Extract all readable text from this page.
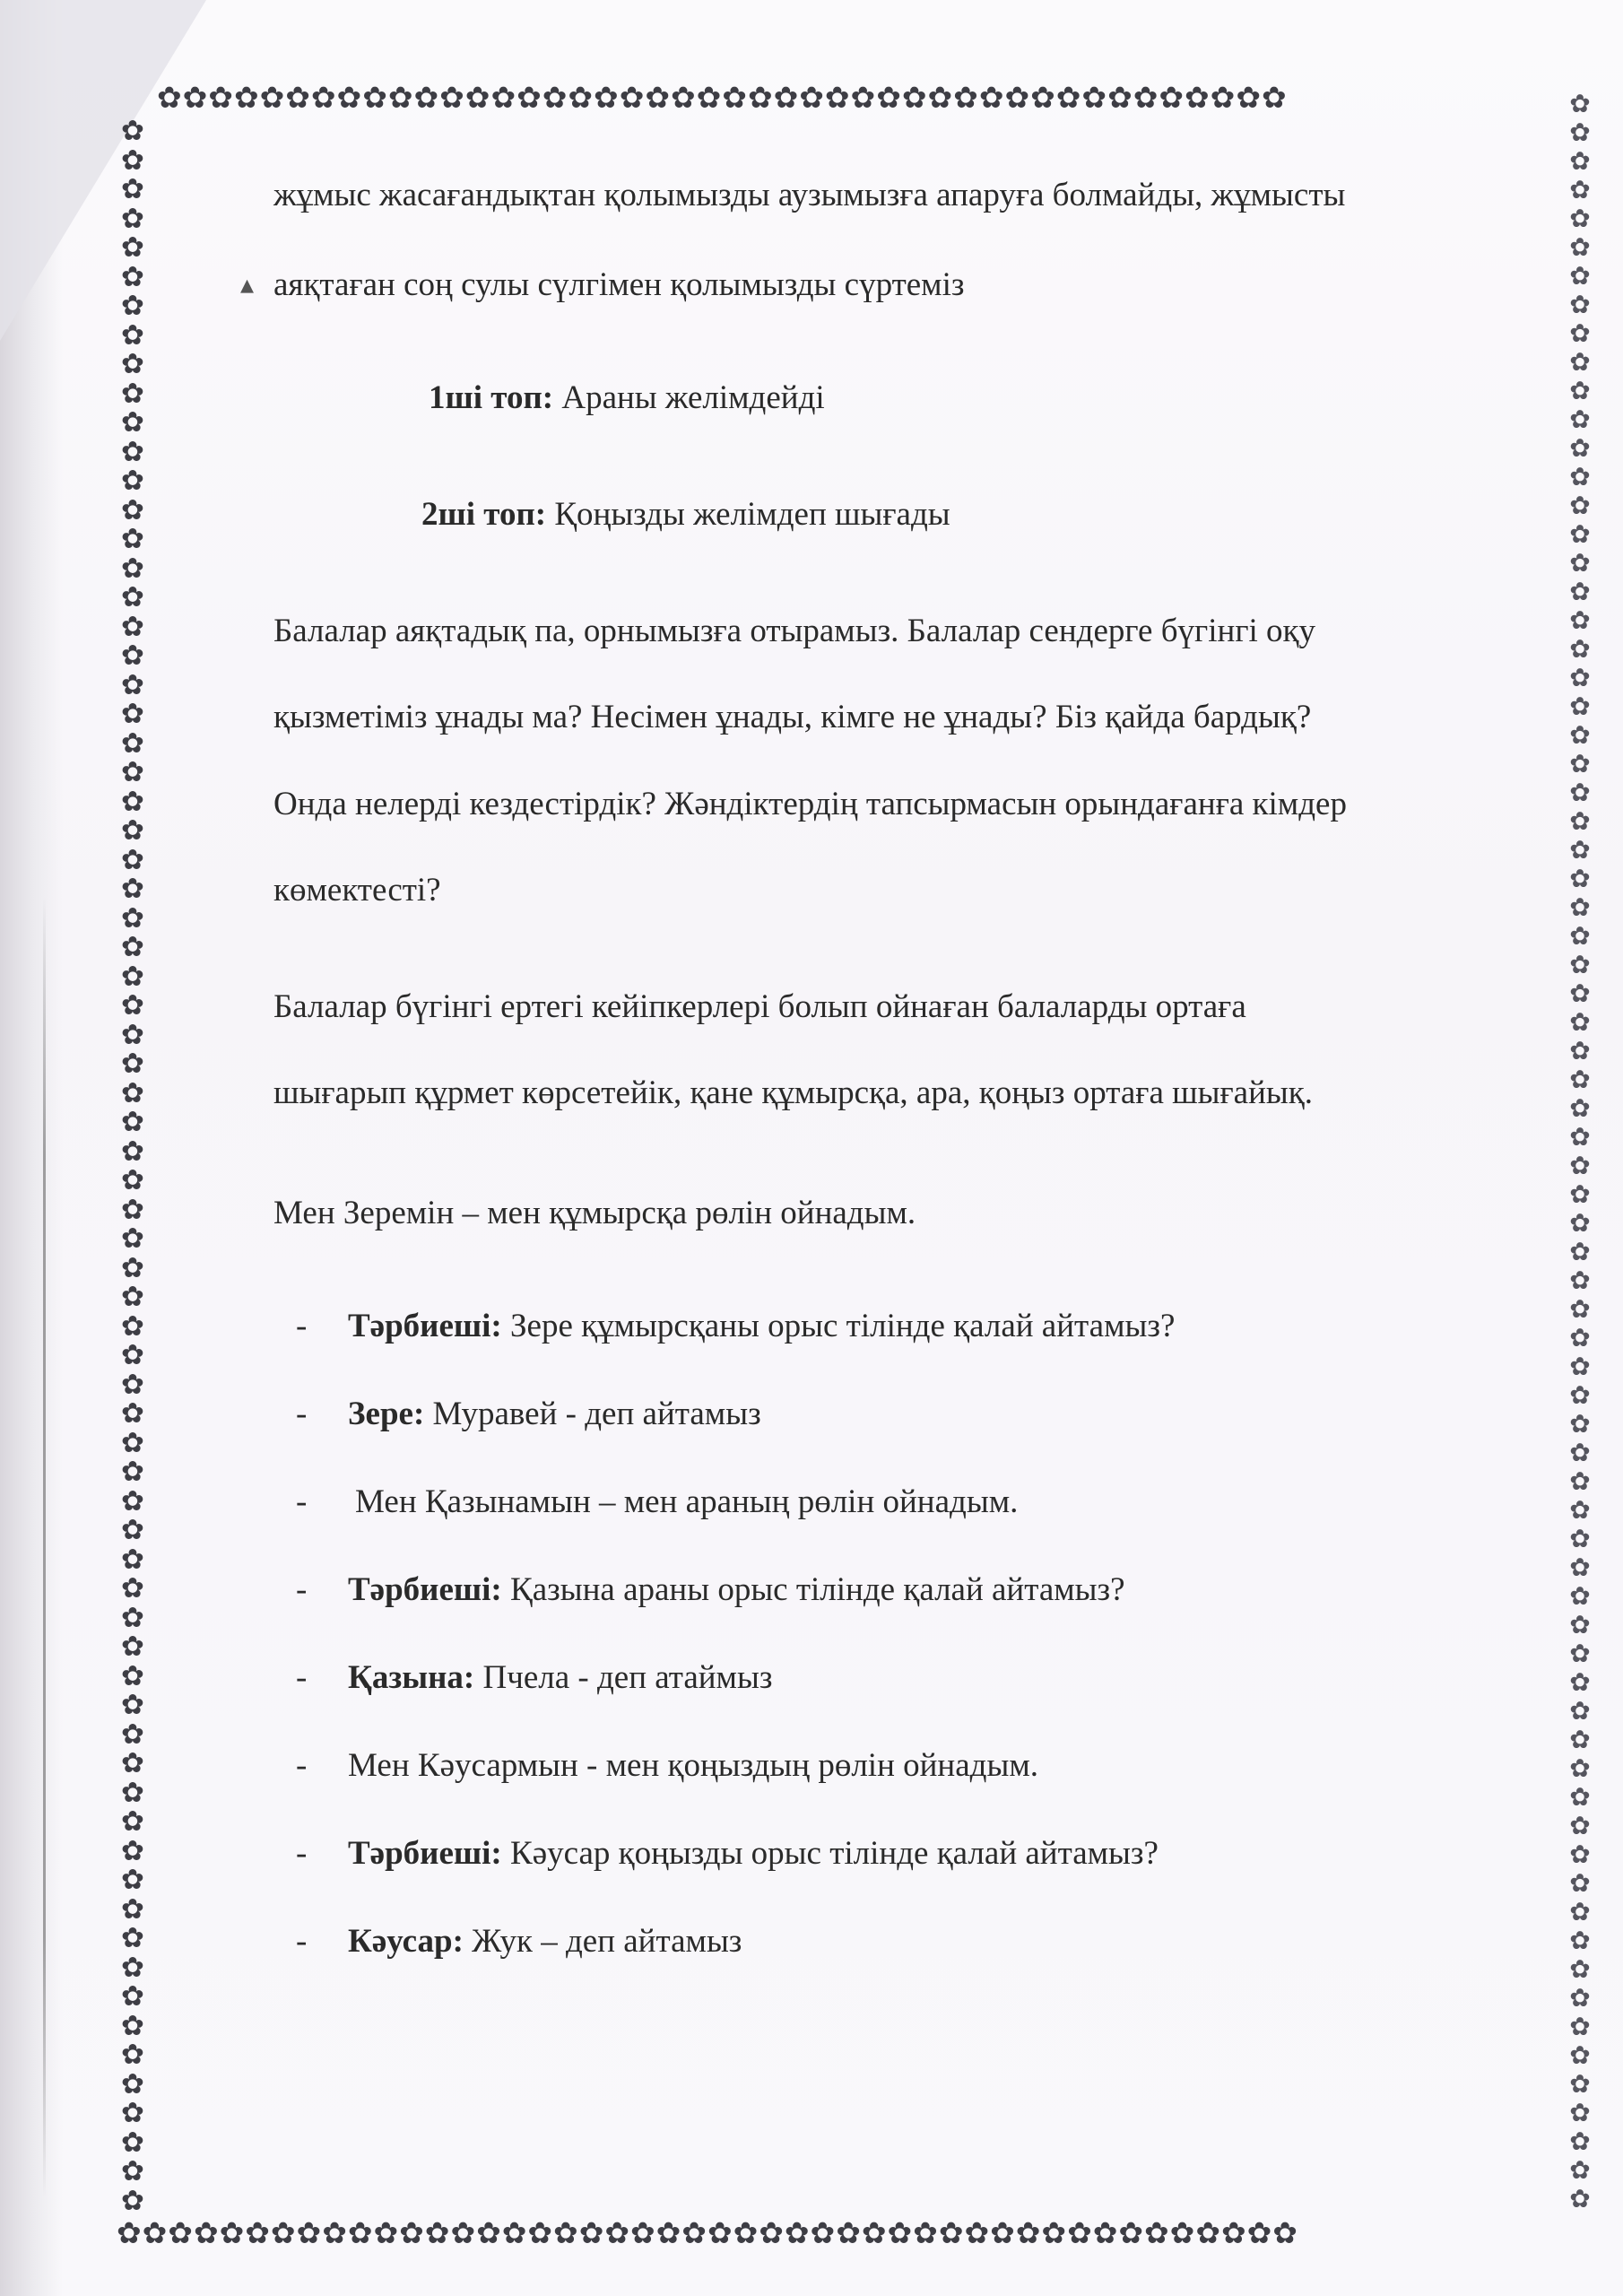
✿✿✿✿✿✿✿✿✿✿✿✿✿✿✿✿✿✿✿✿✿✿✿✿✿✿✿✿✿✿✿✿✿✿✿✿✿✿✿✿✿✿✿✿
✿✿✿✿✿✿✿✿✿✿✿✿✿✿✿✿✿✿✿✿✿✿✿✿✿✿✿✿✿✿✿✿✿✿✿✿✿✿✿✿✿✿✿✿✿✿
✿✿✿✿✿✿✿✿✿✿✿✿✿✿✿✿✿✿✿✿✿✿✿✿✿✿✿✿✿✿✿✿✿✿✿✿✿✿✿✿✿✿✿✿✿✿✿✿✿✿✿✿✿✿✿✿✿✿✿✿✿✿✿✿✿✿✿✿✿✿✿✿
✿✿✿✿✿✿✿✿✿✿✿✿✿✿✿✿✿✿✿✿✿✿✿✿✿✿✿✿✿✿✿✿✿✿✿✿✿✿✿✿✿✿✿✿✿✿✿✿✿✿✿✿✿✿✿✿✿✿✿✿✿✿✿✿✿✿✿✿✿✿✿✿✿✿
жұмыс жасағандықтан қолымызды аузымызға апаруға болмайды, жұмысты
▴ аяқтаған соң сулы сүлгімен қолымызды сүртеміз
1ші топ: Араны желімдейді
2ші топ: Қоңызды желімдеп шығады
Балалар аяқтадық па, орнымызға отырамыз. Балалар сендерге бүгінгі оқу
қызметіміз ұнады ма? Несімен ұнады, кімге не ұнады? Біз қайда бардық?
Онда нелерді кездестірдік? Жәндіктердің тапсырмасын орындағанға кімдер
көмектесті?
Балалар бүгінгі ертегі кейіпкерлері болып ойнаған балаларды ортаға
шығарып құрмет көрсетейік, қане құмырсқа, ара, қоңыз ортаға шығайық.
Мен Зеремін – мен құмырсқа рөлін ойнадым.
- Тәрбиеші: Зере құмырсқаны орыс тілінде қалай айтамыз?
- Зере: Муравей - деп айтамыз
- Мен Қазынамын – мен араның рөлін ойнадым.
- Тәрбиеші: Қазына араны орыс тілінде қалай айтамыз?
- Қазына: Пчела - деп атаймыз
- Мен Кәусармын - мен қоңыздың рөлін ойнадым.
- Тәрбиеші: Кәусар қоңызды орыс тілінде қалай айтамыз?
- Кәусар: Жук – деп айтамыз
